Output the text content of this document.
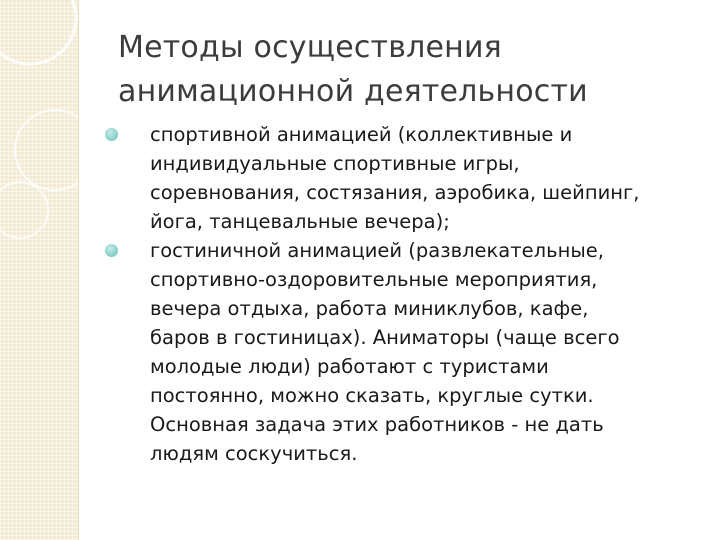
Методы осуществления
анимационной деятельности
спортивной анимацией (коллективные и
индивидуальные спортивные игры,
соревнования, состязания, аэробика, шейпинг,
йога, танцевальные вечера);
гостиничной анимацией (развлекательные,
спортивно-оздоровительные мероприятия,
вечера отдыха, работа миниклубов, кафе,
баров в гостиницах). Аниматоры (чаще всего
молодые люди) работают с туристами
постоянно, можно сказать, круглые сутки.
Основная задача этих работников - не дать
людям соскучиться.
